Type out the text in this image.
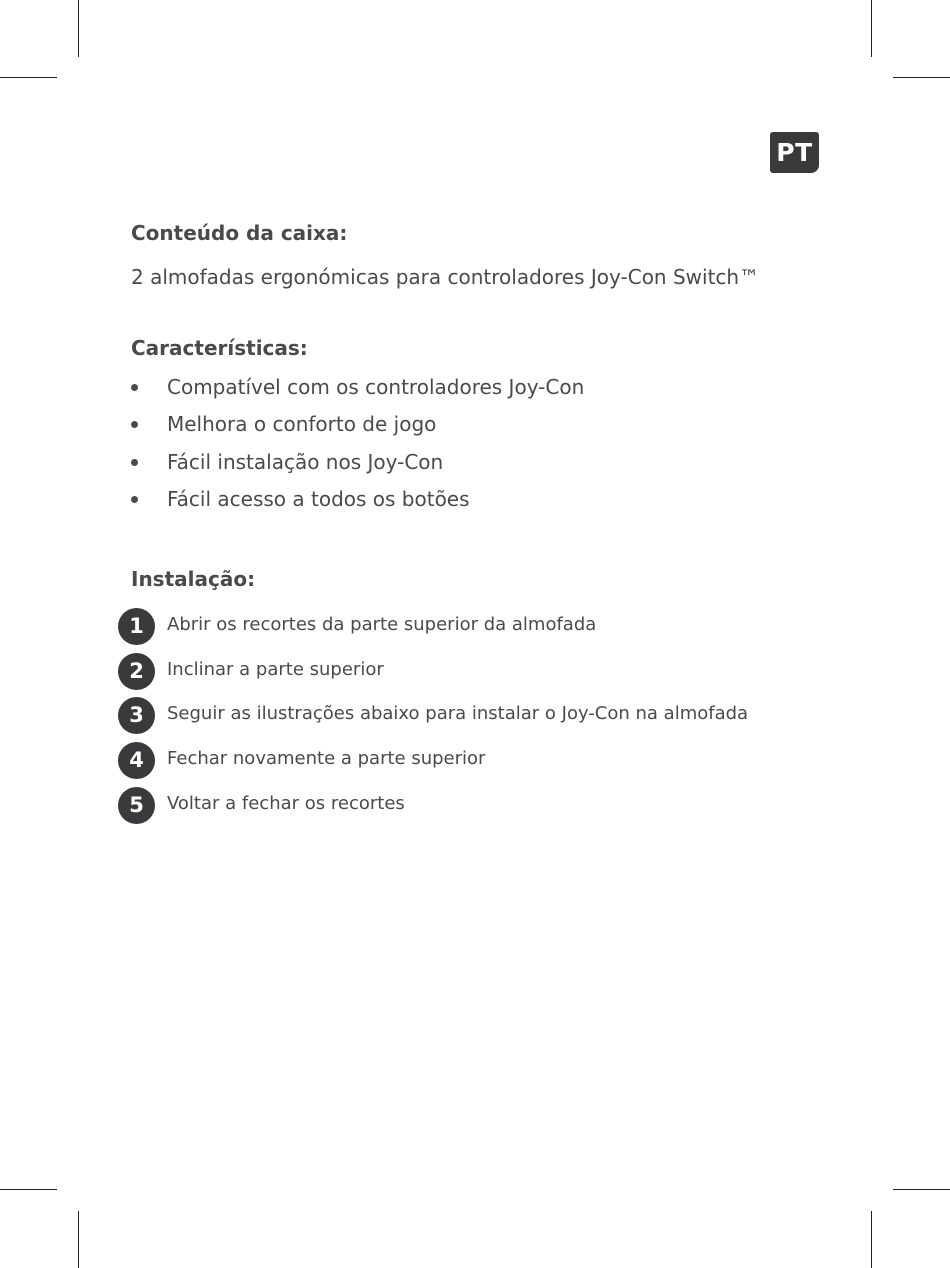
PT
Conteúdo da caixa:

2 almofadas ergonómicas para controladores Joy-Con Switch™

Características:
Compatível com os controladores Joy-Con
Melhora o conforto de jogo
Fácil instalação nos Joy-Con
Fácil acesso a todos os botões
Instalação:
1	Abrir os recortes da parte superior da almofada
2	Inclinar a parte superior
3	Seguir as ilustrações abaixo para instalar o Joy-Con na almofada
4	Fechar novamente a parte superior
5	Voltar a fechar os recortes
